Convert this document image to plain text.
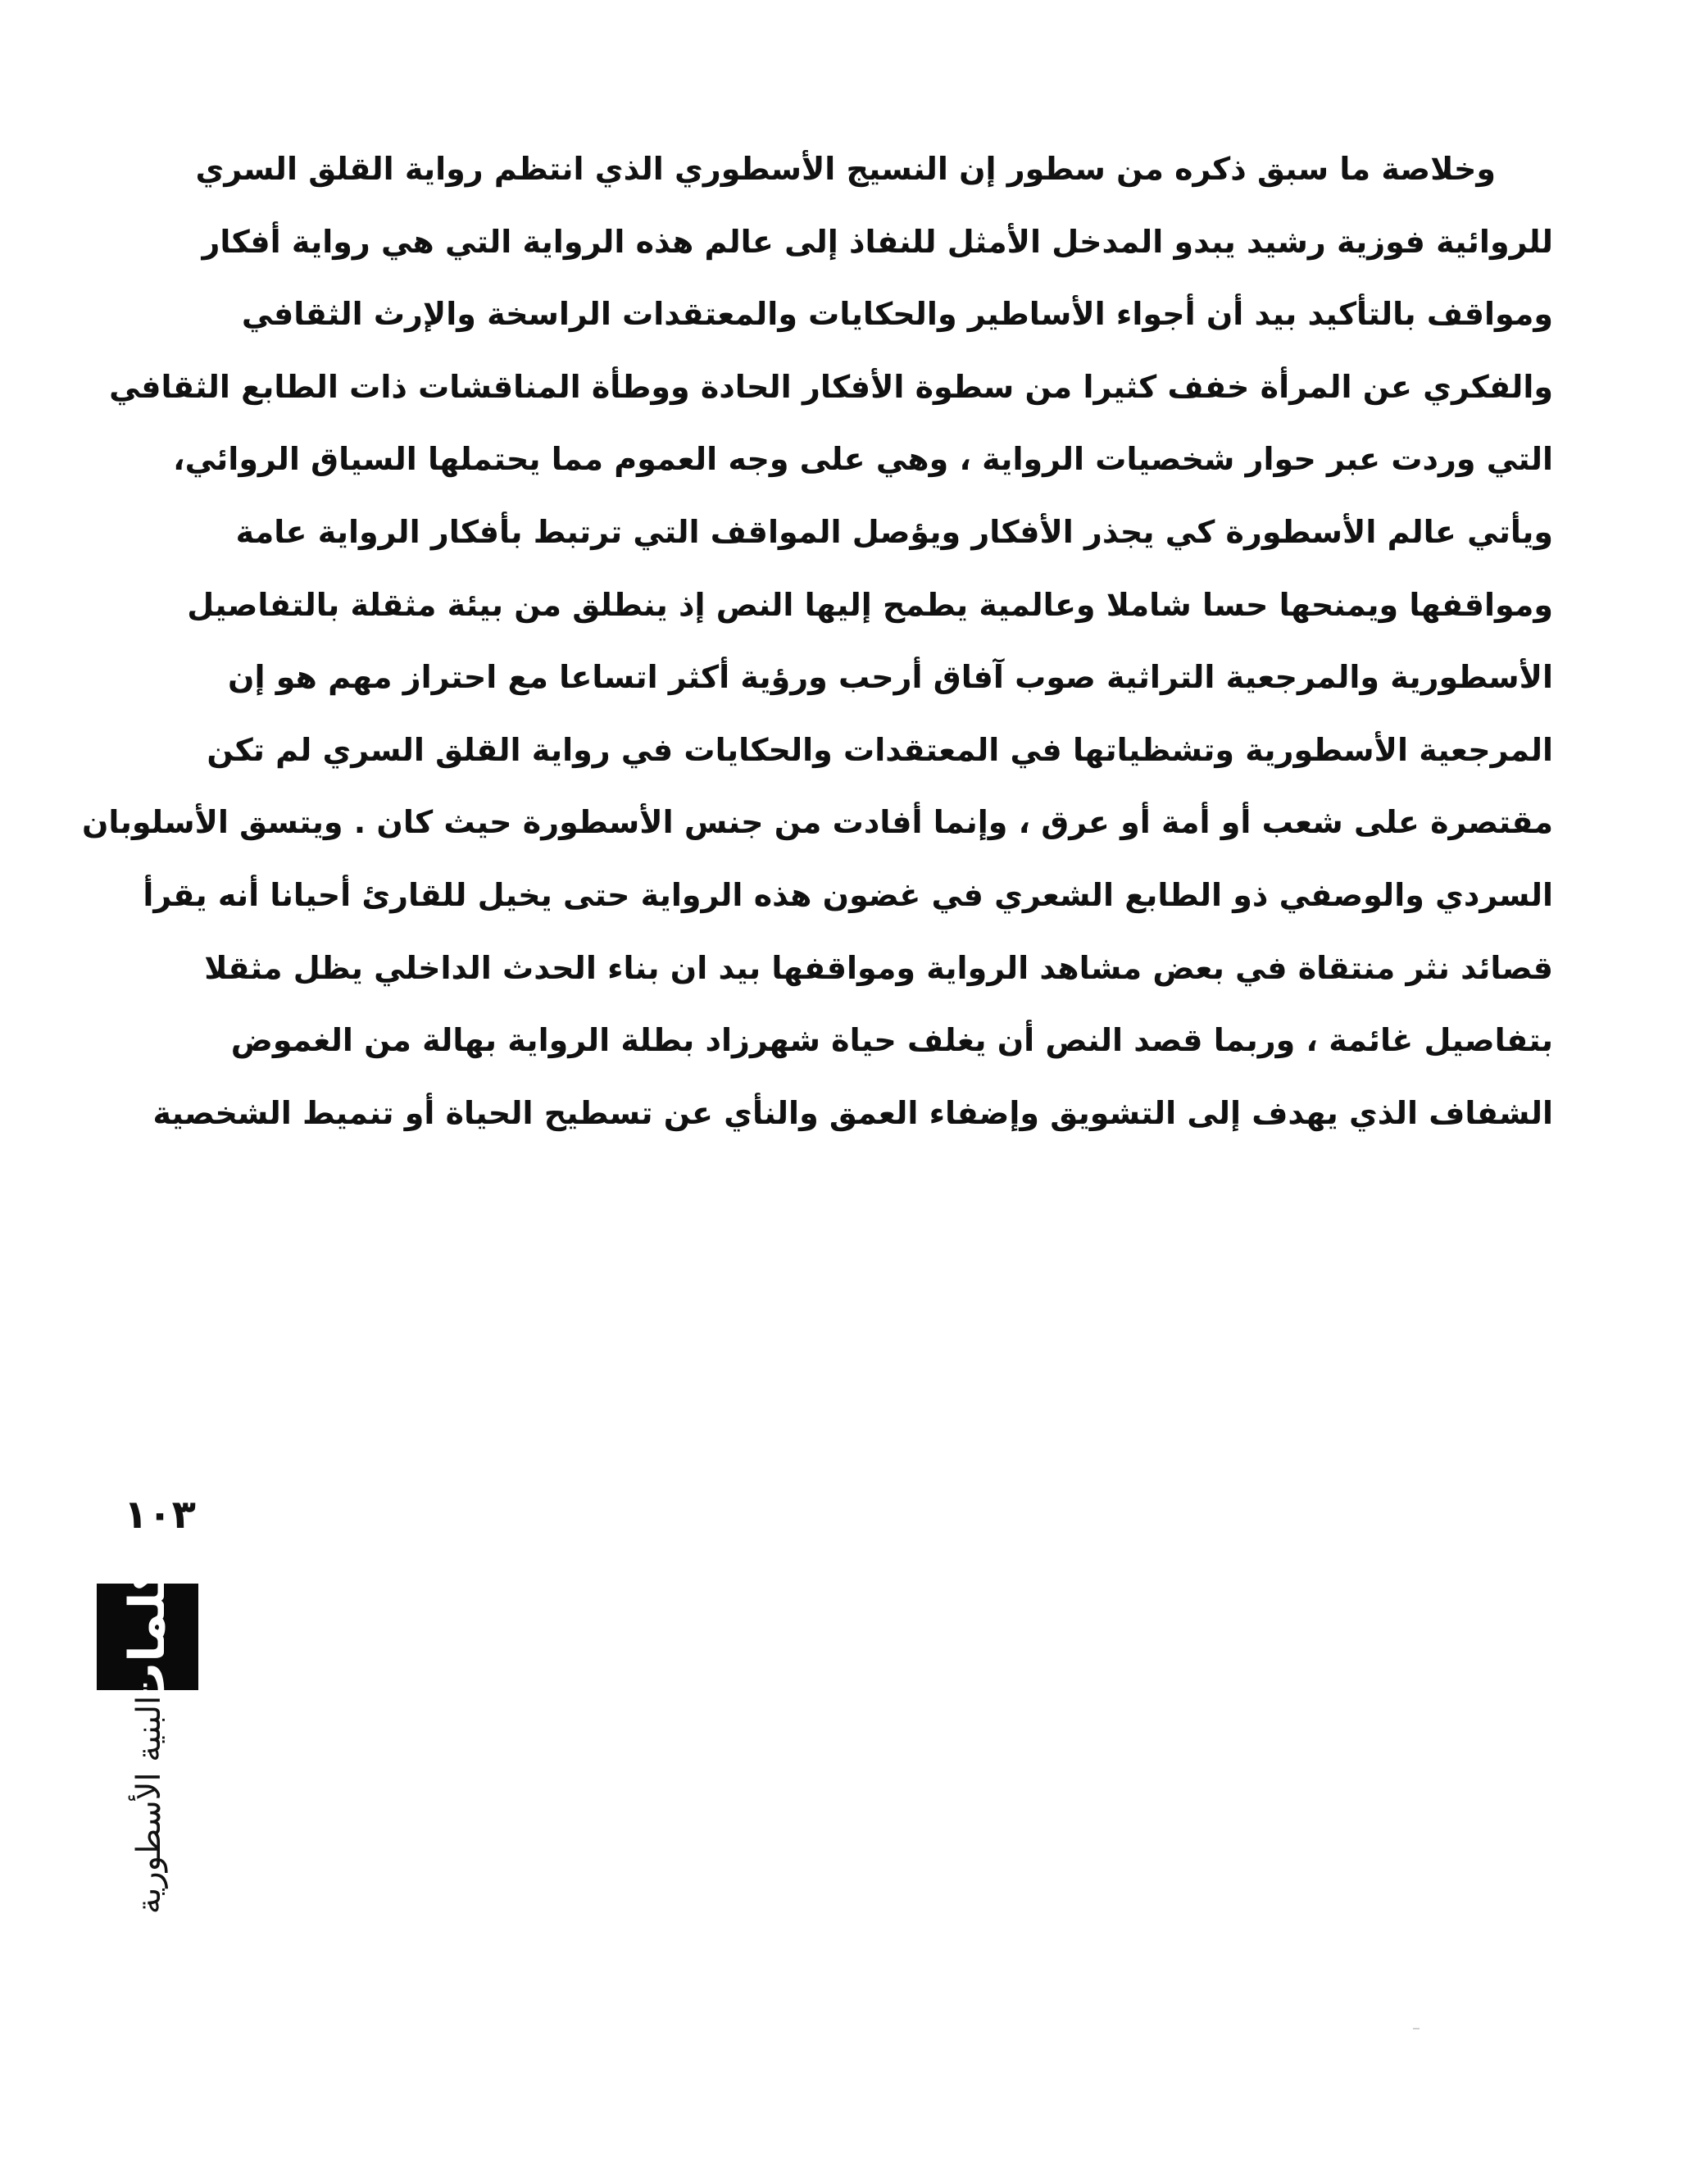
وخلاصة ما سبق ذكره من سطور إن النسيج الأسطوري الذي انتظم رواية القلق السري
للروائية فوزية رشيد يبدو المدخل الأمثل للنفاذ إلى عالم هذه الرواية التي هي رواية أفكار
ومواقف بالتأكيد بيد أن أجواء الأساطير والحكايات والمعتقدات الراسخة والإرث الثقافي
والفكري عن المرأة خفف كثيرا من سطوة الأفكار الحادة ووطأة المناقشات ذات الطابع الثقافي
التي وردت عبر حوار شخصيات الرواية ، وهي على وجه العموم مما يحتملها السياق الروائي،
ويأتي عالم الأسطورة كي يجذر الأفكار ويؤصل المواقف التي ترتبط بأفكار الرواية عامة
ومواقفها ويمنحها حسا شاملا وعالمية يطمح إليها النص إذ ينطلق من بيئة مثقلة بالتفاصيل
الأسطورية والمرجعية التراثية صوب آفاق أرحب ورؤية أكثر اتساعا مع احتراز مهم هو إن
المرجعية الأسطورية وتشظياتها في المعتقدات والحكايات في رواية القلق السري لم تكن
مقتصرة على شعب أو أمة أو عرق ، وإنما أفادت من جنس الأسطورة حيث كان . ويتسق الأسلوبان
السردي والوصفي ذو الطابع الشعري في غضون هذه الرواية حتى يخيل للقارئ أحيانا أنه يقرأ
قصائد نثر منتقاة في بعض مشاهد الرواية ومواقفها بيد ان بناء الحدث الداخلي يظل مثقلا
بتفاصيل غائمة ، وربما قصد النص أن يغلف حياة شهرزاد بطلة الرواية بهالة من الغموض
الشفاف الذي يهدف إلى التشويق وإضفاء العمق والنأي عن تسطيح الحياة أو تنميط الشخصية
١٠٣
كلمات
البنية الأسطورية
